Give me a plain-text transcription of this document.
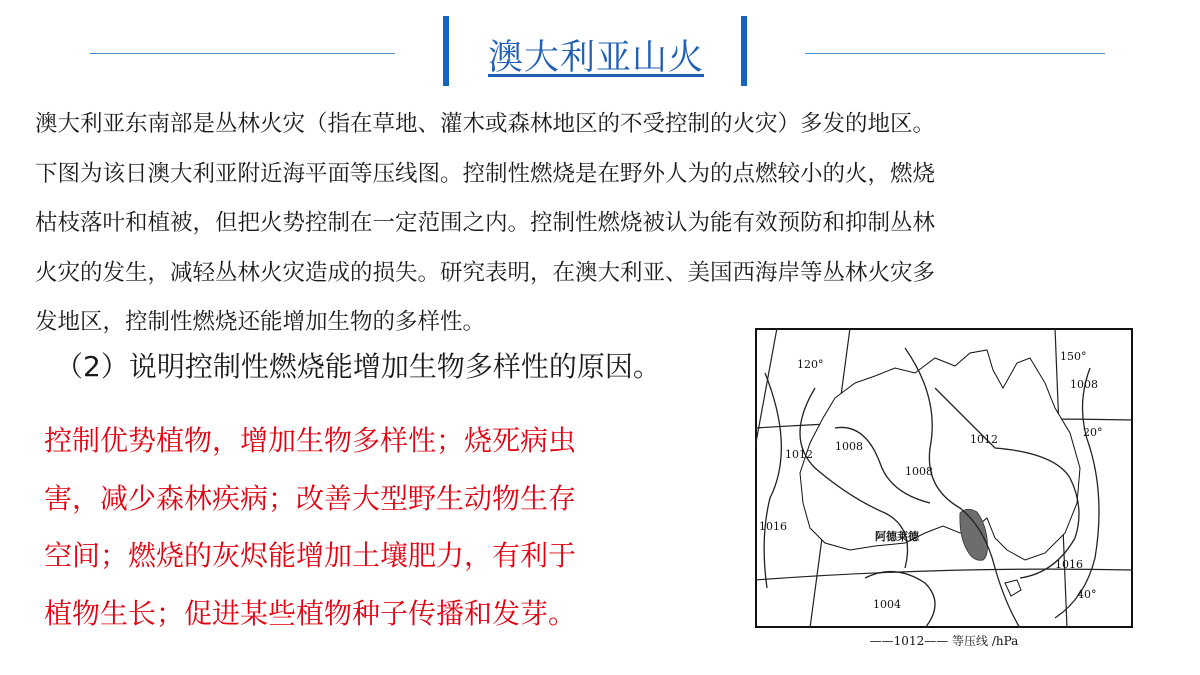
澳大利亚山火

澳大利亚东南部是丛林火灾（指在草地、灌木或森林地区的不受控制的火灾）多发的地区。

下图为该日澳大利亚附近海平面等压线图。控制性燃烧是在野外人为的点燃较小的火，燃烧

枯枝落叶和植被，但把火势控制在一定范围之内。控制性燃烧被认为能有效预防和抑制丛林

火灾的发生，减轻丛林火灾造成的损失。研究表明，在澳大利亚、美国西海岸等丛林火灾多

发地区，控制性燃烧还能增加生物的多样性。

（2）说明控制性燃烧能增加生物多样性的原因。

控制优势植物，增加生物多样性；烧死病虫

害，减少森林疾病；改善大型野生动物生存

空间；燃烧的灰烬能增加土壤肥力，有利于

植物生长；促进某些植物种子传播和发芽。

120°
150°
20°
40°
1008
1008
1008
1012
1012
1016
1016
1004
阿德莱德
——1012—— 等压线 /hPa
